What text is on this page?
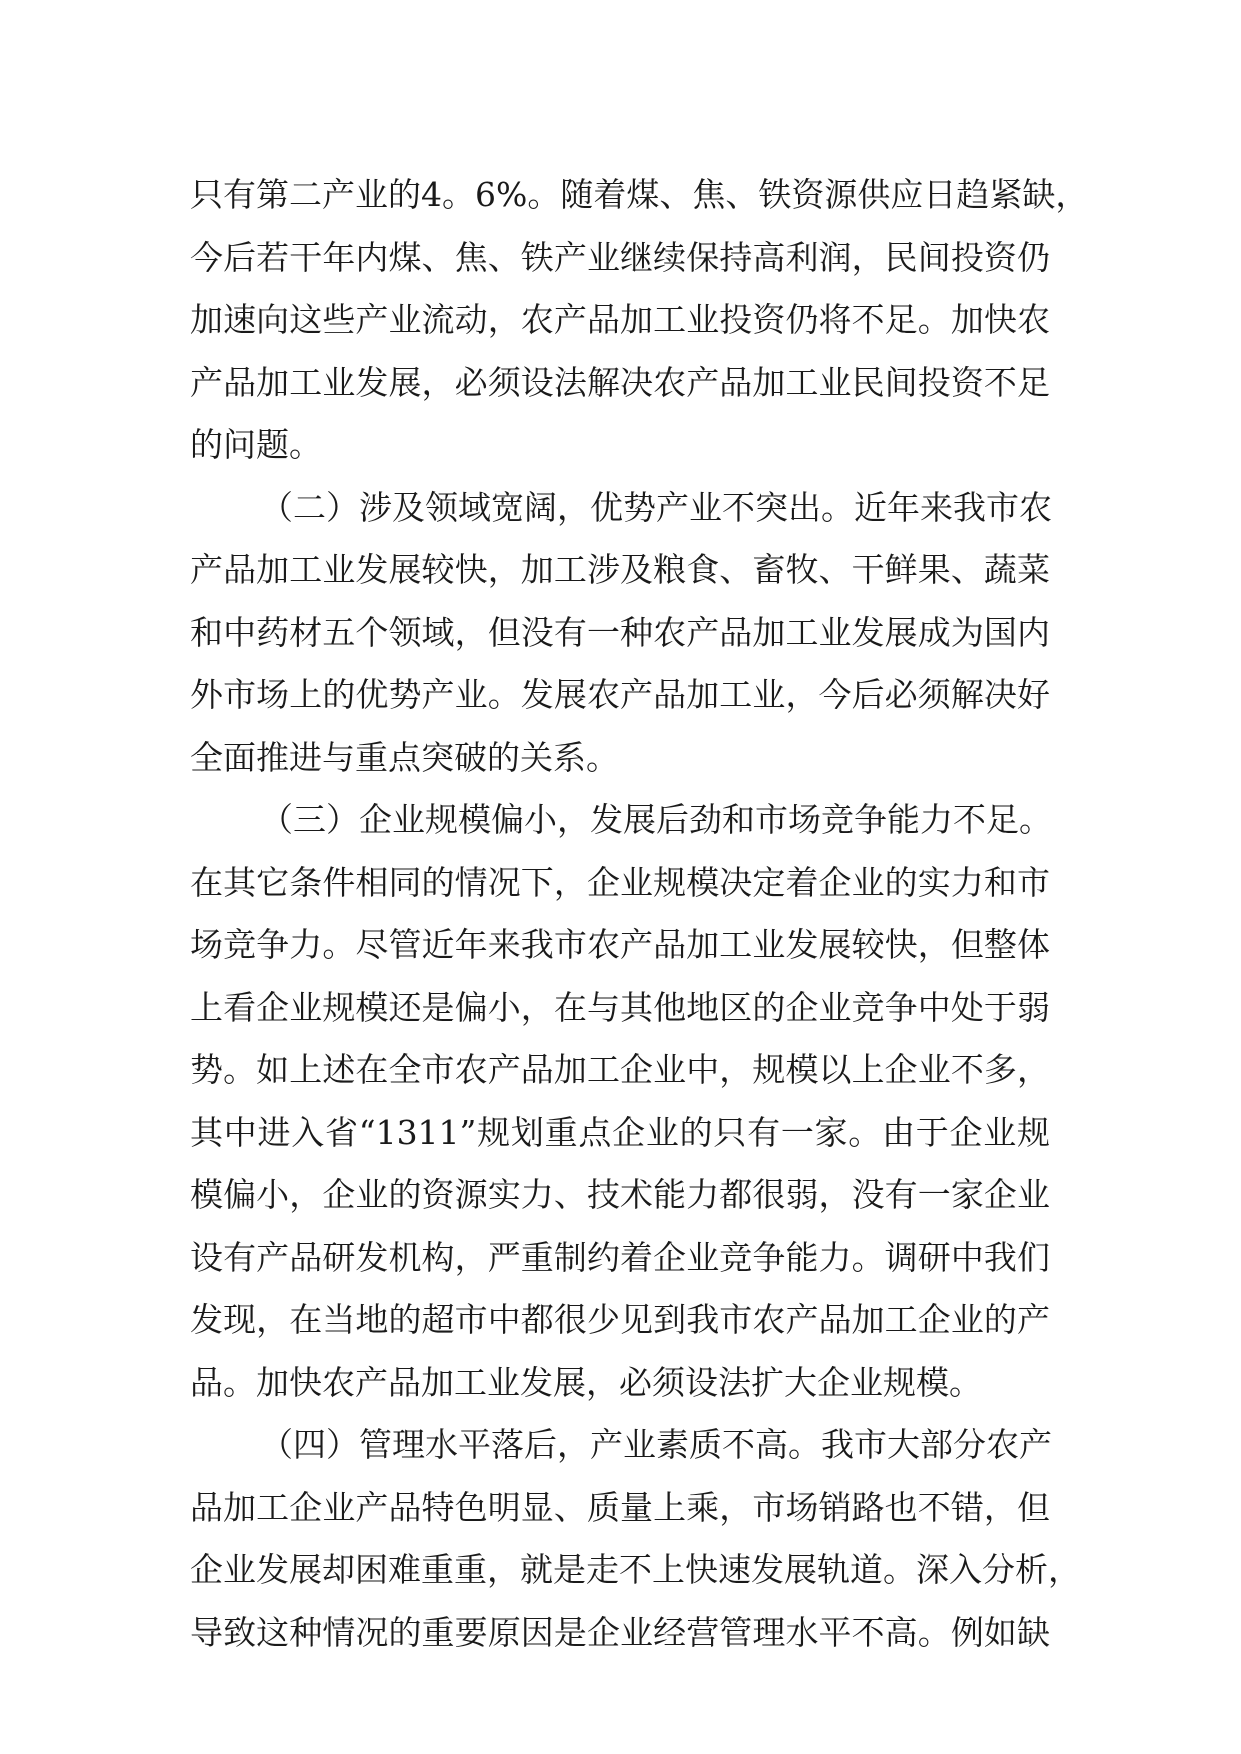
只有第二产业的4。6%。随着煤、焦、铁资源供应日趋紧缺，
今后若干年内煤、焦、铁产业继续保持高利润，民间投资仍
加速向这些产业流动，农产品加工业投资仍将不足。加快农
产品加工业发展，必须设法解决农产品加工业民间投资不足
的问题。
（二）涉及领域宽阔，优势产业不突出。近年来我市农
产品加工业发展较快，加工涉及粮食、畜牧、干鲜果、蔬菜
和中药材五个领域，但没有一种农产品加工业发展成为国内
外市场上的优势产业。发展农产品加工业，今后必须解决好
全面推进与重点突破的关系。
（三）企业规模偏小，发展后劲和市场竞争能力不足。
在其它条件相同的情况下，企业规模决定着企业的实力和市
场竞争力。尽管近年来我市农产品加工业发展较快，但整体
上看企业规模还是偏小，在与其他地区的企业竞争中处于弱
势。如上述在全市农产品加工企业中，规模以上企业不多，
其中进入省“1311”规划重点企业的只有一家。由于企业规
模偏小，企业的资源实力、技术能力都很弱，没有一家企业
设有产品研发机构，严重制约着企业竞争能力。调研中我们
发现，在当地的超市中都很少见到我市农产品加工企业的产
品。加快农产品加工业发展，必须设法扩大企业规模。
（四）管理水平落后，产业素质不高。我市大部分农产
品加工企业产品特色明显、质量上乘，市场销路也不错，但
企业发展却困难重重，就是走不上快速发展轨道。深入分析，
导致这种情况的重要原因是企业经营管理水平不高。例如缺
